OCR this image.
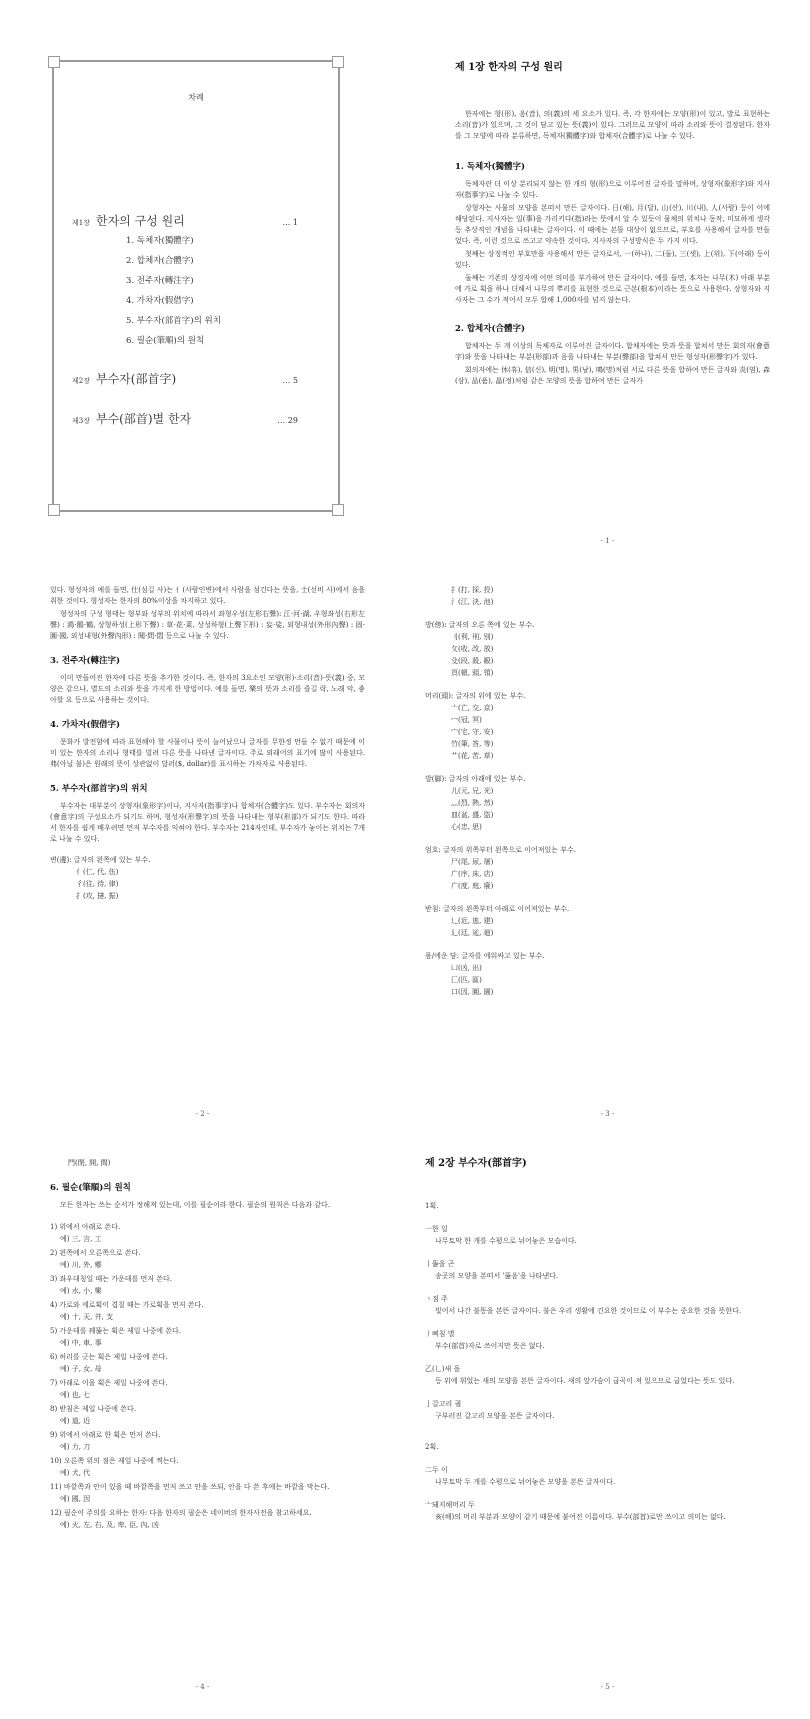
차례
제1장 한자의 구성 원리	… 1
1. 독체자(獨體字)
2. 합체자(合體字)
3. 전주자(轉注字)
4. 가차자(假借字)
5. 부수자(部首字)의 위치
6. 필순(筆順)의 원칙
제2장 부수자(部首字)	… 5
제3장 부수(部首)별 한자	… 29
제 1장 한자의 구성 원리

한자에는 형(形), 음(音), 의(義)의 세 요소가 있다. 즉, 각 한자에는 모양(形)이 있고, 발로 표현하는 소리(音)가 있으며, 그 것이 담고 있는 뜻(義)이 있다. 그러므로 모양이 따라 소리와 뜻이 결정된다. 한자를 그 모양에 따라 분류하면, 독체자(獨體字)와 합체자(合體字)로 나눌 수 있다.

1. 독체자(獨體字)

독체자란 더 이상 분리되지 않는 한 개의 형(形)으로 이루어진 글자를 말하며, 상형자(象形字)와 지사자(指事字)로 나눌 수 있다.

상형자는 사물의 모양을 본떠서 만든 글자이다. 日(해), 月(달), 山(산), 川(내), 人(사람) 등이 이에 해당된다. 지사자는 일(事)을 가리키다(指)라는 뜻에서 알 수 있듯이 물체의 위치나 동작, 미묘하게 생각 등 추상적인 개념을 나타내는 글자이다. 이 때에는 본뜰 대상이 없으므로, 부호를 사용해서 글자를 만들었다. 즉, 이런 것으로 쓰고고 약속한 것이다. 지사자의 구성방식은 두 가지 이다.

첫째는 상징적인 부호만을 사용해서 만든 글자로서, 一(하나), 二(둘), 三(셋), 上(위), 下(아래) 등이 있다.

둘째는 기존의 상징자에 어떤 의미를 부가하여 만든 글자이다. 예를 들면, 本자는 나무(木) 아래 부분에 가로 획을 하나 더해서 나무의 뿌리를 표현한 것으로 근본(根本)이라는 뜻으로 사용한다. 상형자와 지사자는 그 수가 적어서 모두 합해 1,000자를 넘지 않는다.

2. 합체자(合體字)

합체자는 두 개 이상의 독체자로 이루어진 글자이다. 합체자에는 뜻과 뜻을 합쳐서 만든 회의자(會意字)와 뜻을 나타내는 부분(形部)과 음을 나타내는 부분(聲部)을 합쳐서 만든 형성자(形聲字)가 있다.

회의자에는 休(휴), 信(신), 明(명), 男(남), 鳴(명)처럼 서로 다른 뜻을 합하여 만든 글자와 炎(염), 森(삼), 品(품), 晶(정)처럼 같은 모양의 뜻을 합하여 만든 글자가

- 1 -

있다. 형성자의 예를 들면, 仕(섬길 사)는 亻(사람인변)에서 사람을 섬긴다는 뜻을, 士(선비 사)에서 음을 취한 것이다. 형성자는 한자의 80%이상을 차지하고 있다.

형성자의 구성 형태는 형부와 성부의 위치에 따라서 좌형우성(左形右聲): 江·河·湖, 우형좌성(右形左聲) : 鴻·鵝·鶴, 상형하성(上形下聲) : 草·花·菜, 상성하형(上聲下形) : 妄·娑, 외형내성(外形內聲) : 固·圓·國, 외성내형(外聲內形) : 聞·問·悶 등으로 나눌 수 있다.

3. 전주자(轉注字)

이미 만들어진 한자에 다른 뜻을 추가한 것이다. 즉, 한자의 3요소인 모양(形)·소리(音)·뜻(義) 중, 모양은 같으나, 별도의 소리와 뜻을 가지게 한 방법이다. 예를 들면, 樂의 뜻과 소리를 즐길 락, 노래 악, 좋아할 요 등으로 사용하는 것이다.

4. 가차자(假借字)

문화가 발전함에 따라 표현해야 할 사물이나 뜻이 늘어났으나 글자를 무한정 만들 수 없기 때문에 이미 있는 한자의 소리나 형태를 빌려 다른 뜻을 나타낸 글자이다. 주로 외래어의 표기에 많이 사용된다. 弗(아닐 불)은 원래의 뜻이 상관없이 달러($, dollar)를 표시하는 가차자로 사용된다.

5. 부수자(部首字)의 위치

부수자는 대부분이 상형자(象形字)이나, 지사자(指事字)나 합체자(合體字)도 있다. 부수자는 회의자(會意字)의 구성요소가 되기도 하며, 형성자(形聲字)의 뜻을 나타내는 형부(形部)가 되기도 한다. 따라서 한자를 쉽게 배우려면 먼저 부수자를 익혀야 한다. 부수자는 214자인데, 부수자가 놓이는 위치는 7개로 나눌 수 있다.

변(邊): 글자의 왼쪽에 있는 부수.
亻(仁, 代, 伍)
彳(往, 待, 律)
扌(攻, 撻, 振)
- 2 -
扌(打, 採, 投)
氵(江, 決, 池)
방(傍): 글자의 오른 쪽에 있는 부수.
刂(利, 刑, 別)
攵(收, 改, 放)
殳(段, 殺, 毆)
頁(頓, 頭, 領)
머리(頭): 글자의 위에 있는 부수.
亠(亡, 交, 京)
冖(冠, 冥)
宀(宅, 守, 安)
竹(筆, 答, 等)
艹(花, 苦, 草)
발(脚): 글자의 아래에 있는 부수.
儿(元, 兄, 光)
灬(烈, 熱, 然)
皿(盆, 盛, 盜)
心(忠, 思)
엄호: 글자의 위쪽부터 왼쪽으로 이어져있는 부수.
尸(尾, 尿, 屠)
广(序, 床, 店)
广(度, 庭, 廢)
받침: 글자의 왼쪽부터 아래로 이어져있는 부수.
辶(近, 逃, 建)
廴(廷, 延, 廻)
몸/에운 담: 글자를 에워싸고 있는 부수.
凵(凶, 出)
匚(匹, 區)
口(因, 圓, 園)
- 3 -
門(閉, 開, 間)
6. 필순(筆順)의 원칙

모든 한자는 쓰는 순서가 정해져 있는데, 이를 필순이라 한다. 필순의 원칙은 다음과 같다.

1) 위에서 아래로 쓴다.
예) 三, 言, 工
2) 왼쪽에서 오른쪽으로 쓴다.
예) 川, 外, 鄕
3) 좌우대칭일 때는 가운데를 먼저 쓴다.
예) 水, 小, 樂
4) 가로와 세로획이 겹칠 때는 가로획을 먼저 쓴다.
예) 十, 天, 井, 支
5) 가운데를 꿰뚫는 획은 제일 나중에 쓴다.
예) 中, 車, 事
6) 허리를 긋는 획은 제일 나중에 쓴다.
예) 子, 女, 母
7) 아래로 이을 획은 제일 나중에 쓴다.
예) 也, 七
8) 받침은 제일 나중에 쓴다.
예) 道, 近
9) 위에서 아래로 한 획은 먼저 쓴다.
예) 力, 刀
10) 오른쪽 위의 점은 제일 나중에 찍는다.
예) 犬, 代
11) 바깥쪽과 안이 있을 때 바깥쪽을 먼저 쓰고 안을 쓰되, 안을 다 쓴 후에는 바깥을 막는다.
예) 國, 因
12) 필순이 주의를 요하는 한자: 다음 한자의 필순은 네이버의 한자사전을 참고하세요.
예) 火, 左, 右, 及, 卑, 臣, 內, 凶
- 4 -
제 2장 부수자(部首字)
1획.
一한 일
나무토막 한 개를 수평으로 뉘어놓은 모습이다.
丨뚫을 곤
송곳의 모양을 본떠서 '뚫음'을 나타낸다.
丶점 주
빛어서 나간 불똥을 본뜬 글자이다. 불은 우리 생활에 긴요한 것이므로 이 부수는 중요한 것을 뜻한다.
丿삐침 별
부수(部首)자로 쓰이지만 뜻은 없다.
乙(乚)새 을
등 위에 휘었는 새의 모양을 본뜬 글자이다. 새의 앞가슴이 굽곡이 져 있으므로 굽었다는 뜻도 있다.
亅갈고리 궐
구부러진 갈고리 모양을 본뜬 글자이다.
2획.
二두 이
나무토막 두 개를 수평으로 뉘어놓은 모양을 본뜬 글자이다.
亠돼지해머리 두
亥(해)의 머리 부분과 모양이 같기 때문에 붙여진 이름이다. 부수(部首)로만 쓰이고 의미는 없다.
- 5 -
